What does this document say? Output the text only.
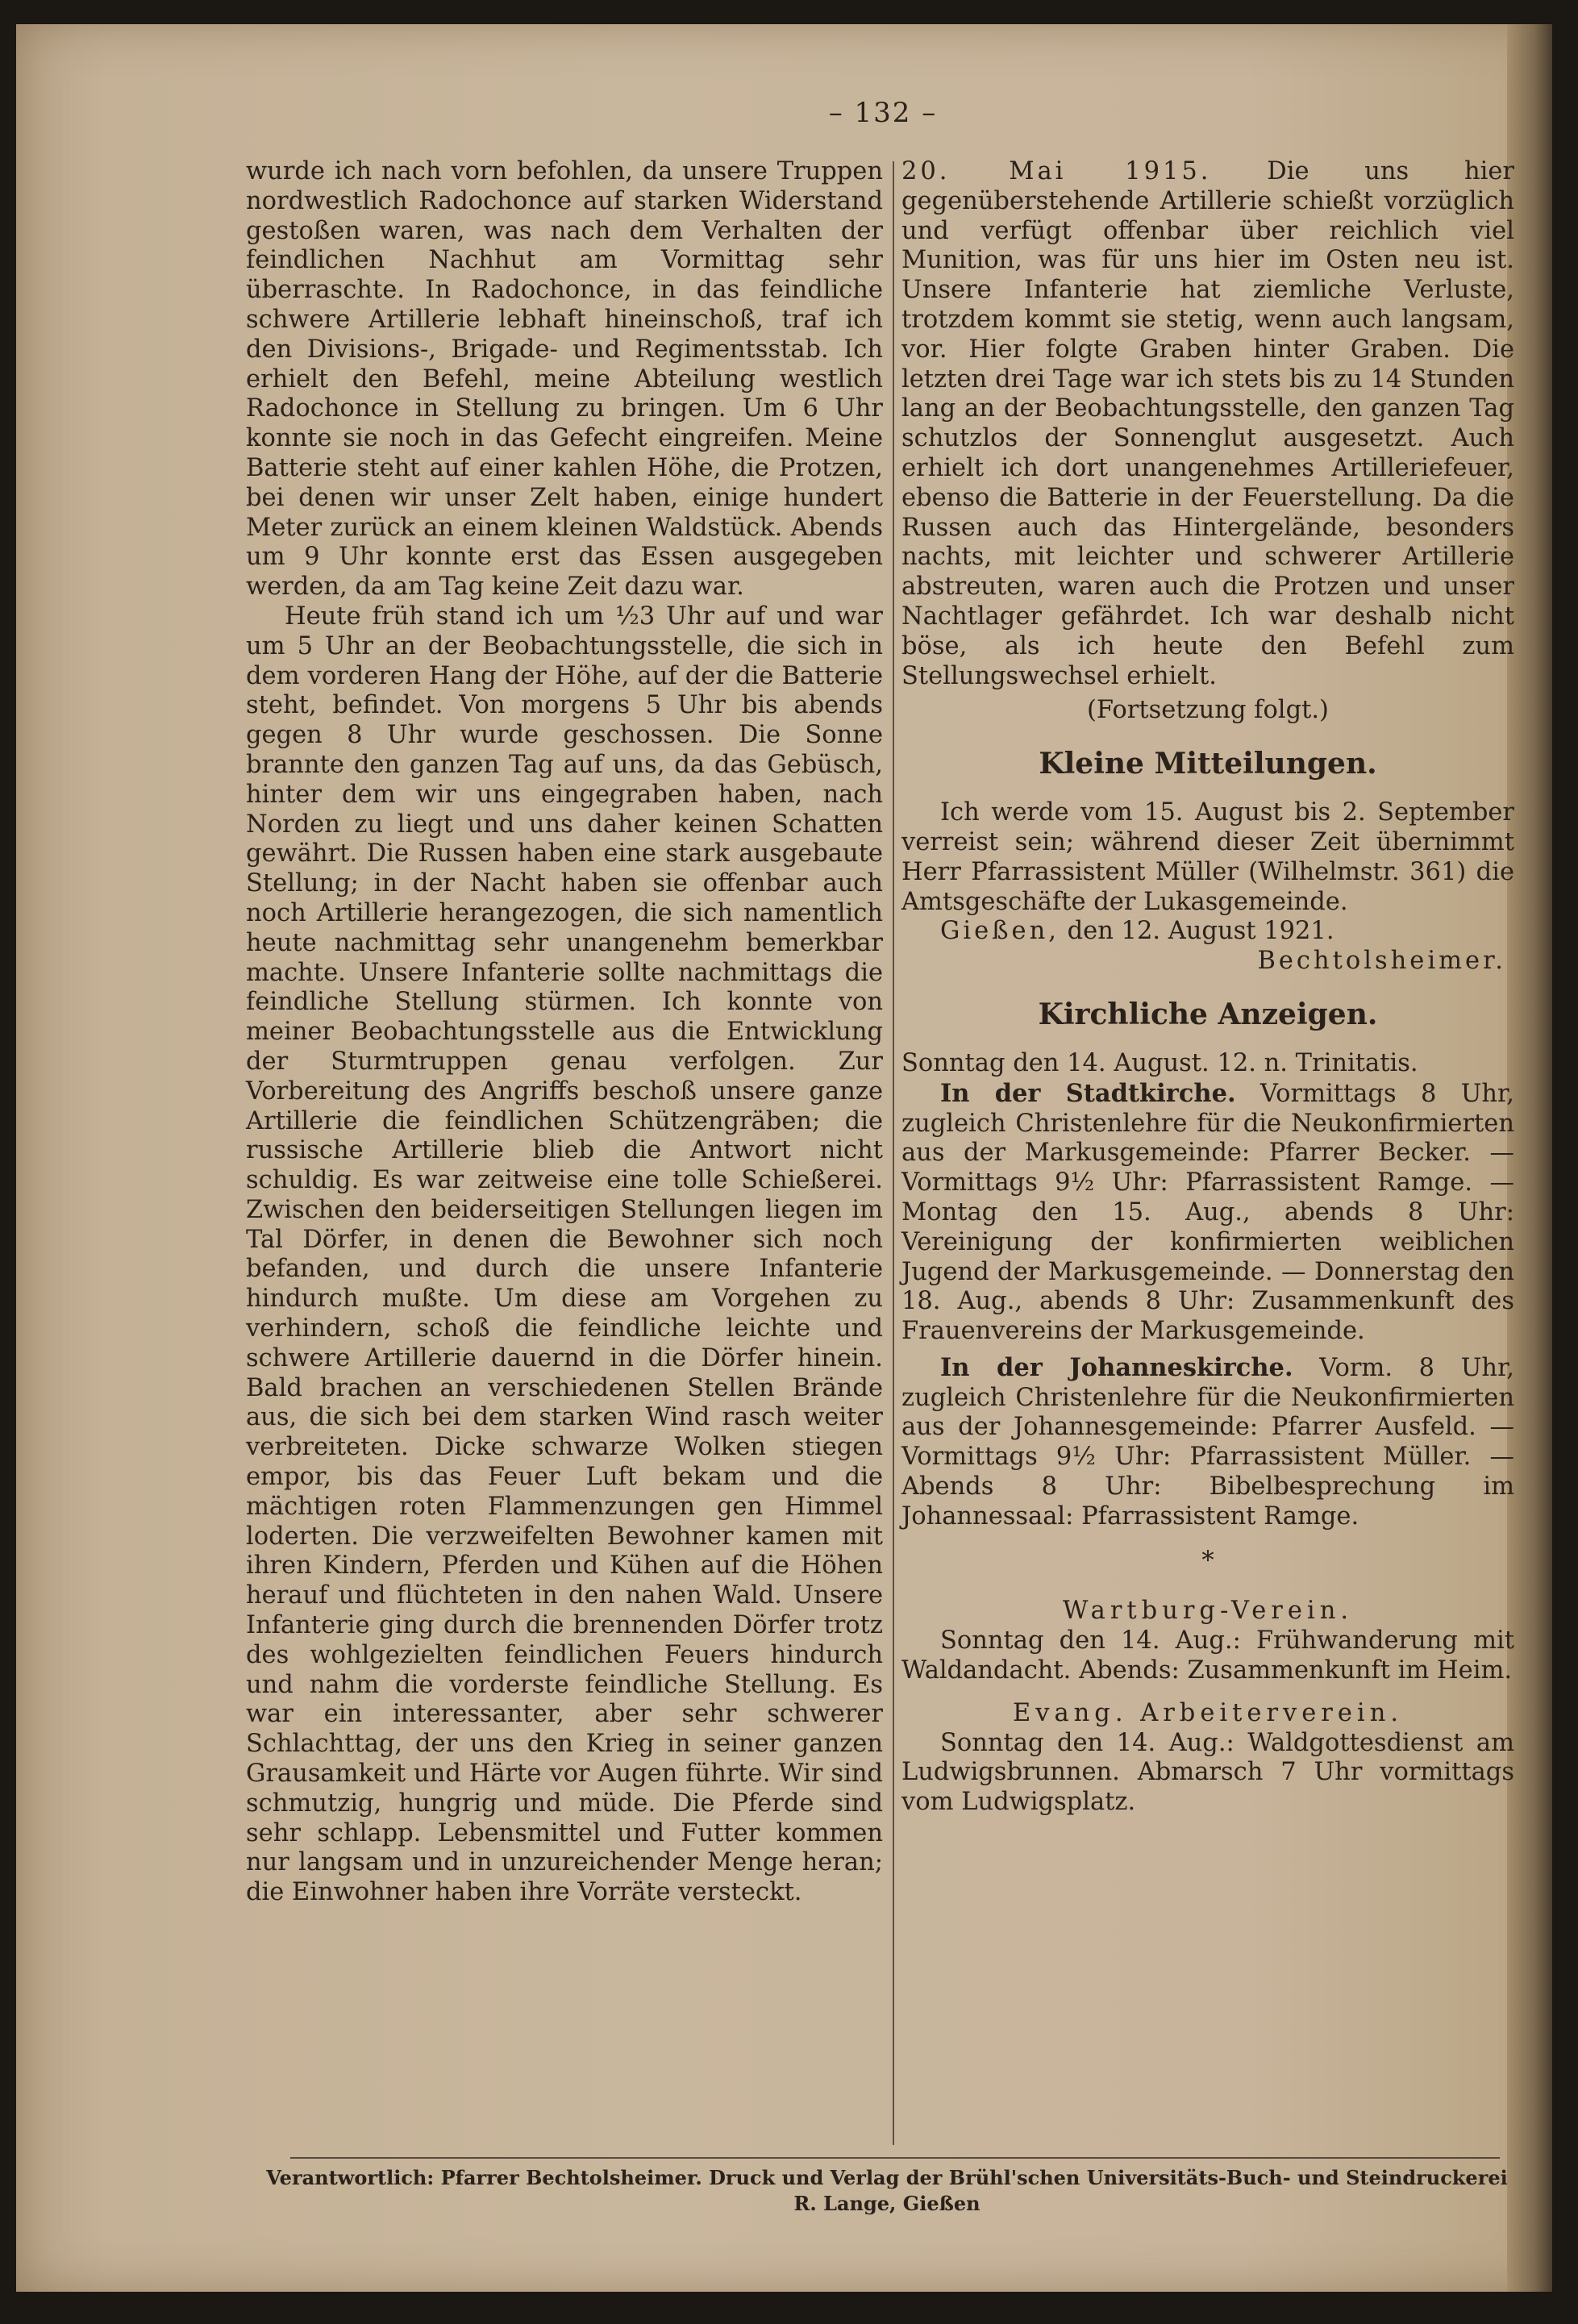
– 132 –

wurde ich nach vorn befohlen, da unsere Truppen nordwestlich Radochonce auf starken Widerstand gestoßen waren, was nach dem Verhalten der feindlichen Nachhut am Vormittag sehr überraschte. In Radochonce, in das feindliche schwere Artillerie lebhaft hineinschoß, traf ich den Divisions-, Brigade- und Regimentsstab. Ich erhielt den Befehl, meine Abteilung westlich Radochonce in Stellung zu bringen. Um 6 Uhr konnte sie noch in das Gefecht eingreifen. Meine Batterie steht auf einer kahlen Höhe, die Protzen, bei denen wir unser Zelt haben, einige hundert Meter zurück an einem kleinen Waldstück. Abends um 9 Uhr konnte erst das Essen ausgegeben werden, da am Tag keine Zeit dazu war.

Heute früh stand ich um ½3 Uhr auf und war um 5 Uhr an der Beobachtungsstelle, die sich in dem vorderen Hang der Höhe, auf der die Batterie steht, befindet. Von morgens 5 Uhr bis abends gegen 8 Uhr wurde geschossen. Die Sonne brannte den ganzen Tag auf uns, da das Gebüsch, hinter dem wir uns eingegraben haben, nach Norden zu liegt und uns daher keinen Schatten gewährt. Die Russen haben eine stark ausgebaute Stellung; in der Nacht haben sie offenbar auch noch Artillerie herangezogen, die sich namentlich heute nachmittag sehr unangenehm bemerkbar machte. Unsere Infanterie sollte nachmittags die feindliche Stellung stürmen. Ich konnte von meiner Beobachtungsstelle aus die Entwicklung der Sturmtruppen genau verfolgen. Zur Vorbereitung des Angriffs beschoß unsere ganze Artillerie die feindlichen Schützengräben; die russische Artillerie blieb die Antwort nicht schuldig. Es war zeitweise eine tolle Schießerei. Zwischen den beiderseitigen Stellungen liegen im Tal Dörfer, in denen die Bewohner sich noch befanden, und durch die unsere Infanterie hindurch mußte. Um diese am Vorgehen zu verhindern, schoß die feindliche leichte und schwere Artillerie dauernd in die Dörfer hinein. Bald brachen an verschiedenen Stellen Brände aus, die sich bei dem starken Wind rasch weiter verbreiteten. Dicke schwarze Wolken stiegen empor, bis das Feuer Luft bekam und die mächtigen roten Flammenzungen gen Himmel loderten. Die verzweifelten Bewohner kamen mit ihren Kindern, Pferden und Kühen auf die Höhen herauf und flüchteten in den nahen Wald. Unsere Infanterie ging durch die brennenden Dörfer trotz des wohlgezielten feindlichen Feuers hindurch und nahm die vorderste feindliche Stellung. Es war ein interessanter, aber sehr schwerer Schlachttag, der uns den Krieg in seiner ganzen Grausamkeit und Härte vor Augen führte. Wir sind schmutzig, hungrig und müde. Die Pferde sind sehr schlapp. Lebensmittel und Futter kommen nur langsam und in unzureichender Menge heran; die Einwohner haben ihre Vorräte versteckt.

20. Mai 1915. Die uns hier gegenüberstehende Artillerie schießt vorzüglich und verfügt offenbar über reichlich viel Munition, was für uns hier im Osten neu ist. Unsere Infanterie hat ziemliche Verluste, trotzdem kommt sie stetig, wenn auch langsam, vor. Hier folgte Graben hinter Graben. Die letzten drei Tage war ich stets bis zu 14 Stunden lang an der Beobachtungsstelle, den ganzen Tag schutzlos der Sonnenglut ausgesetzt. Auch erhielt ich dort unangenehmes Artilleriefeuer, ebenso die Batterie in der Feuerstellung. Da die Russen auch das Hintergelände, besonders nachts, mit leichter und schwerer Artillerie abstreuten, waren auch die Protzen und unser Nachtlager gefährdet. Ich war deshalb nicht böse, als ich heute den Befehl zum Stellungswechsel erhielt.

(Fortsetzung folgt.)

Kleine Mitteilungen.

Ich werde vom 15. August bis 2. September verreist sein; während dieser Zeit übernimmt Herr Pfarrassistent Müller (Wilhelmstr. 361) die Amtsgeschäfte der Lukasgemeinde.

Gießen, den 12. August 1921.

Bechtolsheimer.

Kirchliche Anzeigen.

Sonntag den 14. August. 12. n. Trinitatis.

In der Stadtkirche. Vormittags 8 Uhr, zugleich Christenlehre für die Neukonfirmierten aus der Markusgemeinde: Pfarrer Becker. — Vormittags 9½ Uhr: Pfarrassistent Ramge. — Montag den 15. Aug., abends 8 Uhr: Vereinigung der konfirmierten weiblichen Jugend der Markusgemeinde. — Donnerstag den 18. Aug., abends 8 Uhr: Zusammenkunft des Frauenvereins der Markusgemeinde.

In der Johanneskirche. Vorm. 8 Uhr, zugleich Christenlehre für die Neukonfirmierten aus der Johannesgemeinde: Pfarrer Ausfeld. — Vormittags 9½ Uhr: Pfarrassistent Müller. — Abends 8 Uhr: Bibelbesprechung im Johannessaal: Pfarrassistent Ramge.

*

Wartburg-Verein.

Sonntag den 14. Aug.: Frühwanderung mit Waldandacht. Abends: Zusammenkunft im Heim.

Evang. Arbeiterverein.

Sonntag den 14. Aug.: Waldgottesdienst am Ludwigsbrunnen. Abmarsch 7 Uhr vormittags vom Ludwigsplatz.

Verantwortlich: Pfarrer Bechtolsheimer. Druck und Verlag der Brühl'schen Universitäts-Buch- und Steindruckerei
R. Lange, Gießen
